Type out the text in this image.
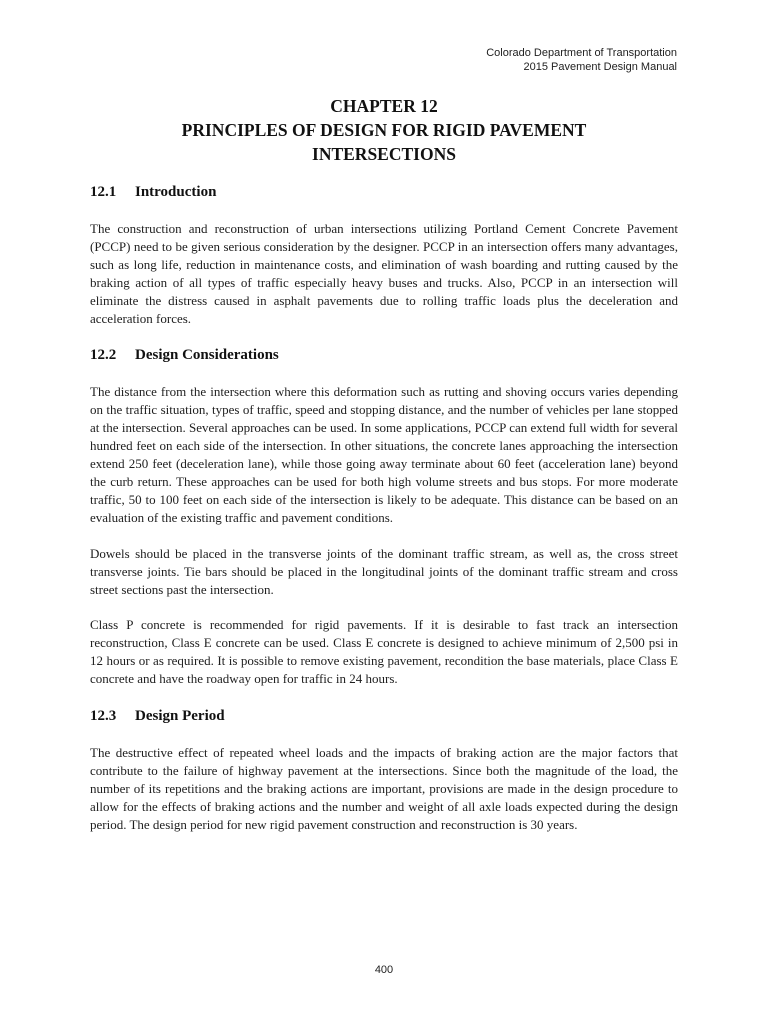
Colorado Department of Transportation
2015 Pavement Design Manual
CHAPTER 12
PRINCIPLES OF DESIGN FOR RIGID PAVEMENT
INTERSECTIONS
12.1 Introduction

The construction and reconstruction of urban intersections utilizing Portland Cement Concrete Pavement (PCCP) need to be given serious consideration by the designer. PCCP in an intersection offers many advantages, such as long life, reduction in maintenance costs, and elimination of wash boarding and rutting caused by the braking action of all types of traffic especially heavy buses and trucks. Also, PCCP in an intersection will eliminate the distress caused in asphalt pavements due to rolling traffic loads plus the deceleration and acceleration forces.

12.2 Design Considerations

The distance from the intersection where this deformation such as rutting and shoving occurs varies depending on the traffic situation, types of traffic, speed and stopping distance, and the number of vehicles per lane stopped at the intersection. Several approaches can be used. In some applications, PCCP can extend full width for several hundred feet on each side of the intersection. In other situations, the concrete lanes approaching the intersection extend 250 feet (deceleration lane), while those going away terminate about 60 feet (acceleration lane) beyond the curb return. These approaches can be used for both high volume streets and bus stops. For more moderate traffic, 50 to 100 feet on each side of the intersection is likely to be adequate. This distance can be based on an evaluation of the existing traffic and pavement conditions.

Dowels should be placed in the transverse joints of the dominant traffic stream, as well as, the cross street transverse joints. Tie bars should be placed in the longitudinal joints of the dominant traffic stream and cross street sections past the intersection.

Class P concrete is recommended for rigid pavements. If it is desirable to fast track an intersection reconstruction, Class E concrete can be used. Class E concrete is designed to achieve minimum of 2,500 psi in 12 hours or as required. It is possible to remove existing pavement, recondition the base materials, place Class E concrete and have the roadway open for traffic in 24 hours.

12.3 Design Period

The destructive effect of repeated wheel loads and the impacts of braking action are the major factors that contribute to the failure of highway pavement at the intersections. Since both the magnitude of the load, the number of its repetitions and the braking actions are important, provisions are made in the design procedure to allow for the effects of braking actions and the number and weight of all axle loads expected during the design period. The design period for new rigid pavement construction and reconstruction is 30 years.

400
